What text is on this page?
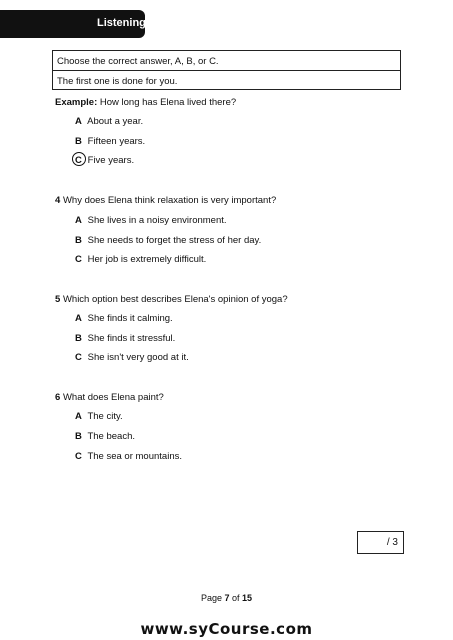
Listening
Choose the correct answer, A, B, or C.
The first one is done for you.
Example: How long has Elena lived there?
A About a year.
B Fifteen years.
C Five years.
4 Why does Elena think relaxation is very important?
A She lives in a noisy environment.
B She needs to forget the stress of her day.
C Her job is extremely difficult.
5 Which option best describes Elena's opinion of yoga?
A She finds it calming.
B She finds it stressful.
C She isn't very good at it.
6 What does Elena paint?
A The city.
B The beach.
C The sea or mountains.
/ 3
Page 7 of 15
www.syCourse.com
